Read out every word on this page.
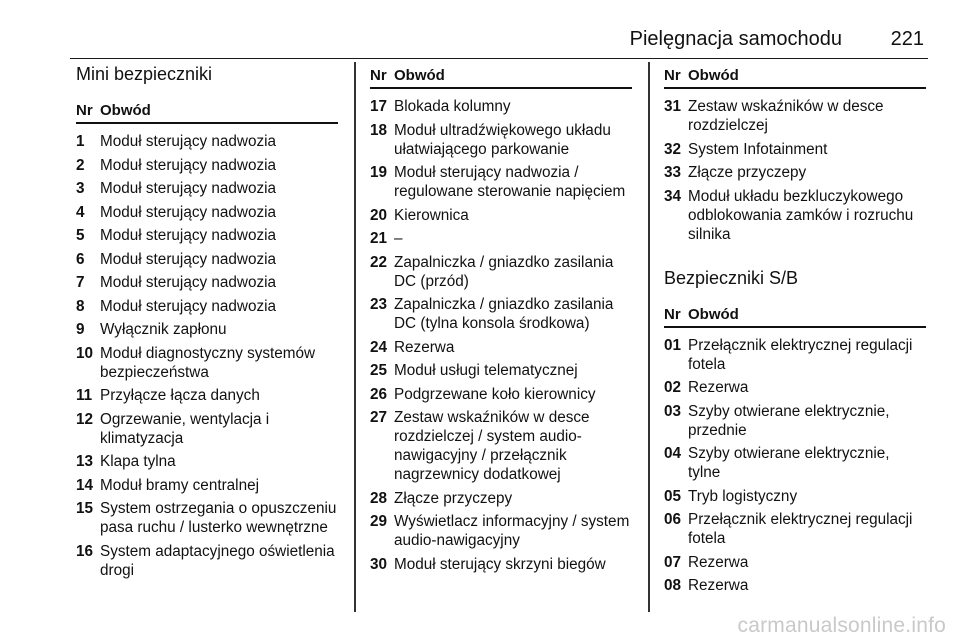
Pielęgnacja samochodu 221
Mini bezpieczniki
Nr Obwód
1	Moduł sterujący nadwozia
2	Moduł sterujący nadwozia
3	Moduł sterujący nadwozia
4	Moduł sterujący nadwozia
5	Moduł sterujący nadwozia
6	Moduł sterujący nadwozia
7	Moduł sterujący nadwozia
8	Moduł sterujący nadwozia
9	Wyłącznik zapłonu
10 Moduł diagnostyczny systemów bezpieczeństwa
11 Przyłącze łącza danych
12 Ogrzewanie, wentylacja i klimatyzacja
13 Klapa tylna
14 Moduł bramy centralnej
15 System ostrzegania o opuszczeniu pasa ruchu / lusterko wewnętrzne
16 System adaptacyjnego oświetlenia drogi
Nr Obwód
17 Blokada kolumny
18 Moduł ultradźwiękowego układu ułatwiającego parkowanie
19 Moduł sterujący nadwozia / regulowane sterowanie napięciem
20 Kierownica
21 –
22 Zapalniczka / gniazdko zasilania DC (przód)
23 Zapalniczka / gniazdko zasilania DC (tylna konsola środkowa)
24 Rezerwa
25 Moduł usługi telematycznej
26 Podgrzewane koło kierownicy
27 Zestaw wskaźników w desce rozdzielczej / system audio-nawigacyjny / przełącznik nagrzewnicy dodatkowej
28 Złącze przyczepy
29 Wyświetlacz informacyjny / system audio-nawigacyjny
30 Moduł sterujący skrzyni biegów
Nr Obwód
31 Zestaw wskaźników w desce rozdzielczej
32 System Infotainment
33 Złącze przyczepy
34 Moduł układu bezkluczykowego odblokowania zamków i rozruchu silnika
Bezpieczniki S/B
Nr Obwód
01 Przełącznik elektrycznej regulacji fotela
02 Rezerwa
03 Szyby otwierane elektrycznie, przednie
04 Szyby otwierane elektrycznie, tylne
05 Tryb logistyczny
06 Przełącznik elektrycznej regulacji fotela
07 Rezerwa
08 Rezerwa
carmanualsonline.info
